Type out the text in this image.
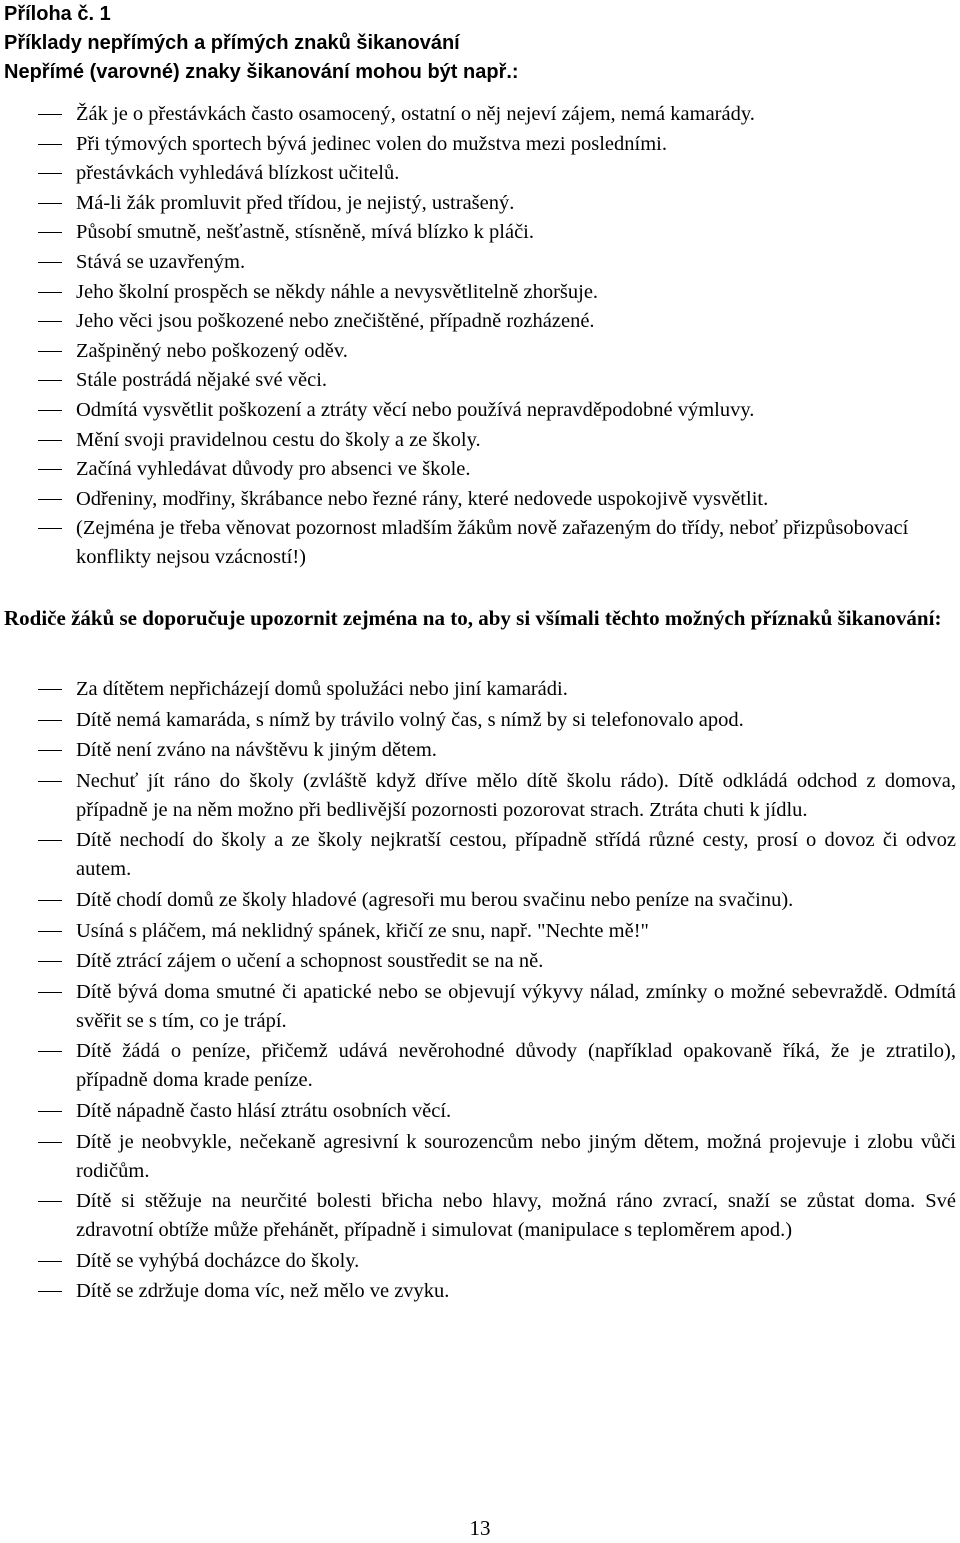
Příloha č. 1
Příklady nepřímých a přímých znaků šikanování
Nepřímé (varovné) znaky šikanování mohou být např.:
Žák je o přestávkách často osamocený, ostatní o něj nejeví zájem, nemá kamarády.
Při týmových sportech bývá jedinec volen do mužstva mezi posledními.
přestávkách vyhledává blízkost učitelů.
Má-li žák promluvit před třídou, je nejistý, ustrašený.
Působí smutně, nešťastně, stísněně, mívá blízko k pláči.
Stává se uzavřeným.
Jeho školní prospěch se někdy náhle a nevysvětlitelně zhoršuje.
Jeho věci jsou poškozené nebo znečištěné, případně rozházené.
Zašpiněný nebo poškozený oděv.
Stále postrádá nějaké své věci.
Odmítá vysvětlit poškození a ztráty věcí nebo používá nepravděpodobné výmluvy.
Mění svoji pravidelnou cestu do školy a ze školy.
Začíná vyhledávat důvody pro absenci ve škole.
Odřeniny, modřiny, škrábance nebo řezné rány, které nedovede uspokojivě vysvětlit.
(Zejména je třeba věnovat pozornost mladším žákům nově zařazeným do třídy, neboť přizpůsobovací konflikty nejsou vzácností!)
Rodiče žáků se doporučuje upozornit zejména na to, aby si všímali těchto možných příznaků šikanování:
Za dítětem nepřicházejí domů spolužáci nebo jiní kamarádi.
Dítě nemá kamaráda, s nímž by trávilo volný čas, s nímž by si telefonovalo apod.
Dítě není zváno na návštěvu k jiným dětem.
Nechuť jít ráno do školy (zvláště když dříve mělo dítě školu rádo). Dítě odkládá odchod z domova, případně je na něm možno při bedlivější pozornosti pozorovat strach. Ztráta chuti k jídlu.
Dítě nechodí do školy a ze školy nejkratší cestou, případně střídá různé cesty, prosí o dovoz či odvoz autem.
Dítě chodí domů ze školy hladové (agresoři mu berou svačinu nebo peníze na svačinu).
Usíná s pláčem, má neklidný spánek, křičí ze snu, např. "Nechte mě!"
Dítě ztrácí zájem o učení a schopnost soustředit se na ně.
Dítě bývá doma smutné či apatické nebo se objevují výkyvy nálad, zmínky o možné sebevraždě. Odmítá svěřit se s tím, co je trápí.
Dítě žádá o peníze, přičemž udává nevěrohodné důvody (například opakovaně říká, že je ztratilo), případně doma krade peníze.
Dítě nápadně často hlásí ztrátu osobních věcí.
Dítě je neobvykle, nečekaně agresivní k sourozencům nebo jiným dětem, možná projevuje i zlobu vůči rodičům.
Dítě si stěžuje na neurčité bolesti břicha nebo hlavy, možná ráno zvrací, snaží se zůstat doma. Své zdravotní obtíže může přehánět, případně i simulovat (manipulace s teploměrem apod.)
Dítě se vyhýbá docházce do školy.
Dítě se zdržuje doma víc, než mělo ve zvyku.
13
